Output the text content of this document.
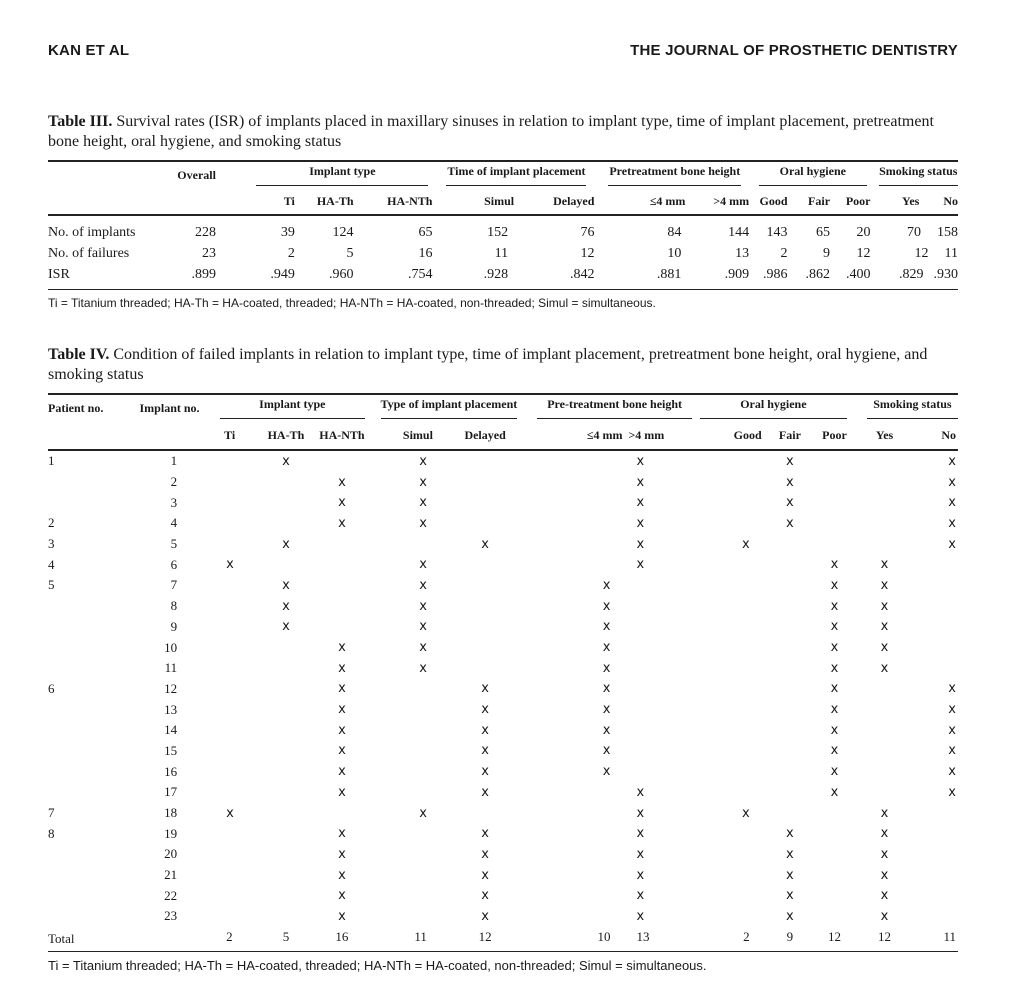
KAN ET AL	THE JOURNAL OF PROSTHETIC DENTISTRY
Table III. Survival rates (ISR) of implants placed in maxillary sinuses in relation to implant type, time of implant placement, pretreatment bone height, oral hygiene, and smoking status
	Overall		Implant type			Time of implant placement		Pretreatment bone height		Oral hygiene			Smoking status

			Ti	HA-Th	HA-NTh	Simul	Delayed	≤4 mm	>4 mm	Good	Fair	Poor	Yes No
No. of implants	228		39	124	65	152	76	84	144	143	65	20	70 158
No. of failures	23		2	5	16	11	12	10	13	2	9	12	12 11
ISR	.899		.949	.960	.754	.928	.842	.881	.909	.986	.862	.400	.829 .930
Ti = Titanium threaded; HA-Th = HA-coated, threaded; HA-NTh = HA-coated, non-threaded; Simul = simultaneous.
Table IV. Condition of failed implants in relation to implant type, time of implant placement, pretreatment bone height, oral hygiene, and smoking status
Patient no.	Implant no.		Implant type			Type of implant placement		Pre-treatment bone height		Oral hygiene			Smoking status	

			Ti	HA-Th	HA-NTh	Simul	Delayed	≤4 mm	>4 mm	Good	Fair	Poor	Yes	No
1	1			x		x			x		x			x
	2				x	x			x		x			x
	3				x	x			x		x			x
2	4				x	x			x		x			x
3	5			x			x		x	x				x
4	6		x			x			x			x	x	
5	7			x		x		x				x	x	
	8			x		x		x				x	x	
	9			x		x		x				x	x	
	10				x	x		x				x	x	
	11				x	x		x				x	x	
6	12				x		x	x				x		x
	13				x		x	x				x		x
	14				x		x	x				x		x
	15				x		x	x				x		x
	16				x		x	x				x		x
	17				x		x		x			x		x
7	18		x			x			x	x			x	
8	19				x		x		x		x		x	
	20				x		x		x		x		x	
	21				x		x		x		x		x	
	22				x		x		x		x		x	
	23				x		x		x		x		x	
Total			2	5	16	11	12	10	13	2	9	12	12	11
Ti = Titanium threaded; HA-Th = HA-coated, threaded; HA-NTh = HA-coated, non-threaded; Simul = simultaneous.
